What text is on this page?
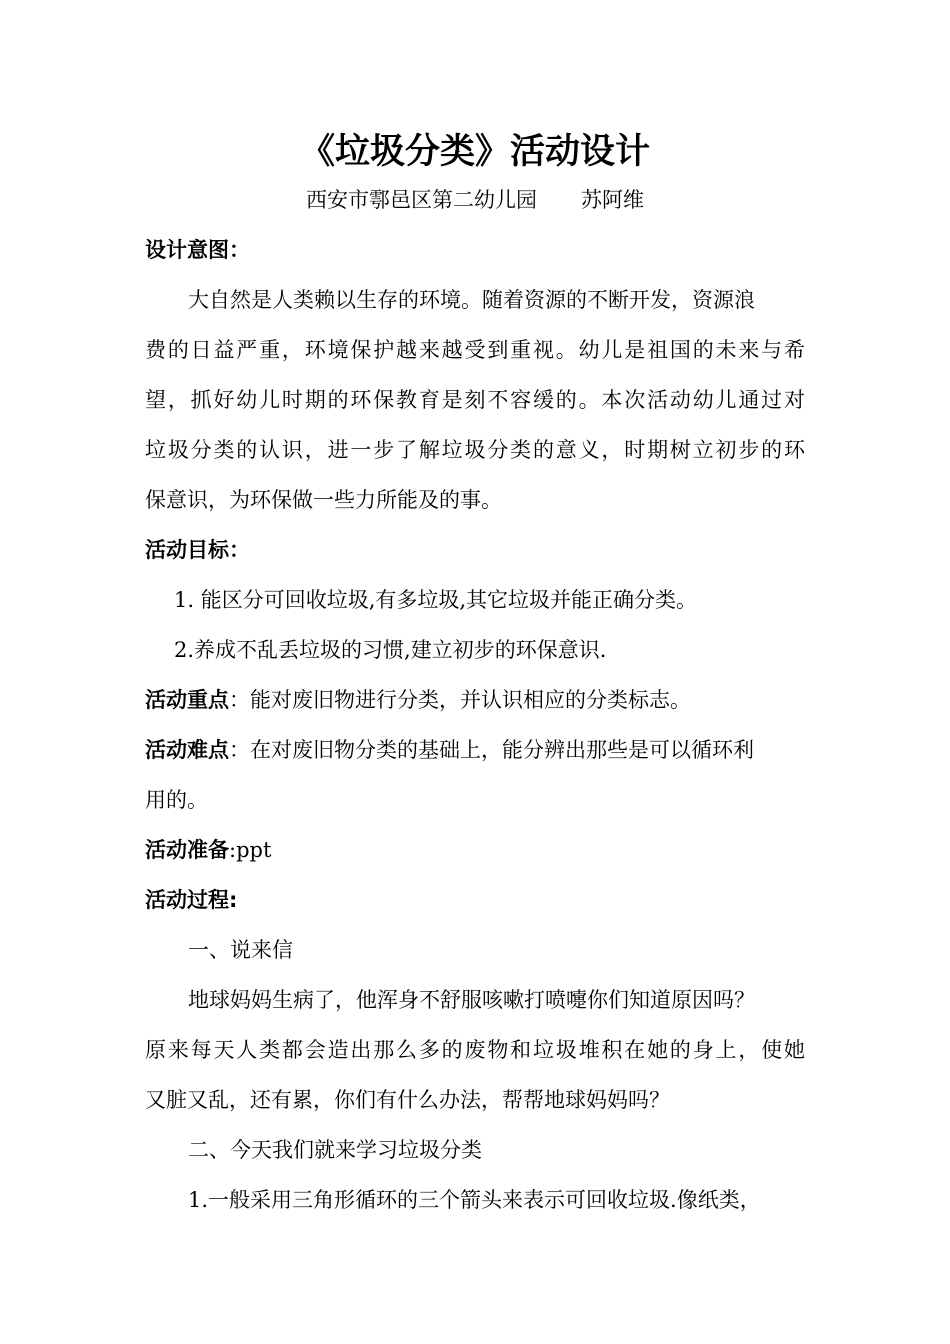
《垃圾分类》活动设计
西安市鄠邑区第二幼儿园 苏阿维
设计意图：
大自然是人类赖以生存的环境。随着资源的不断开发，资源浪
费的日益严重，环境保护越来越受到重视。幼儿是祖国的未来与希
望，抓好幼儿时期的环保教育是刻不容缓的。本次活动幼儿通过对
垃圾分类的认识，进一步了解垃圾分类的意义，时期树立初步的环
保意识，为环保做一些力所能及的事。
活动目标：
1. 能区分可回收垃圾,有多垃圾,其它垃圾并能正确分类。
2.养成不乱丢垃圾的习惯,建立初步的环保意识.
活动重点：能对废旧物进行分类，并认识相应的分类标志。
活动难点：在对废旧物分类的基础上，能分辨出那些是可以循环利
用的。
活动准备:ppt
活动过程:
一、说来信
地球妈妈生病了，他浑身不舒服咳嗽打喷嚏你们知道原因吗？
原来每天人类都会造出那么多的废物和垃圾堆积在她的身上，使她
又脏又乱，还有累，你们有什么办法，帮帮地球妈妈吗？
二、今天我们就来学习垃圾分类
1.一般采用三角形循环的三个箭头来表示可回收垃圾.像纸类，
